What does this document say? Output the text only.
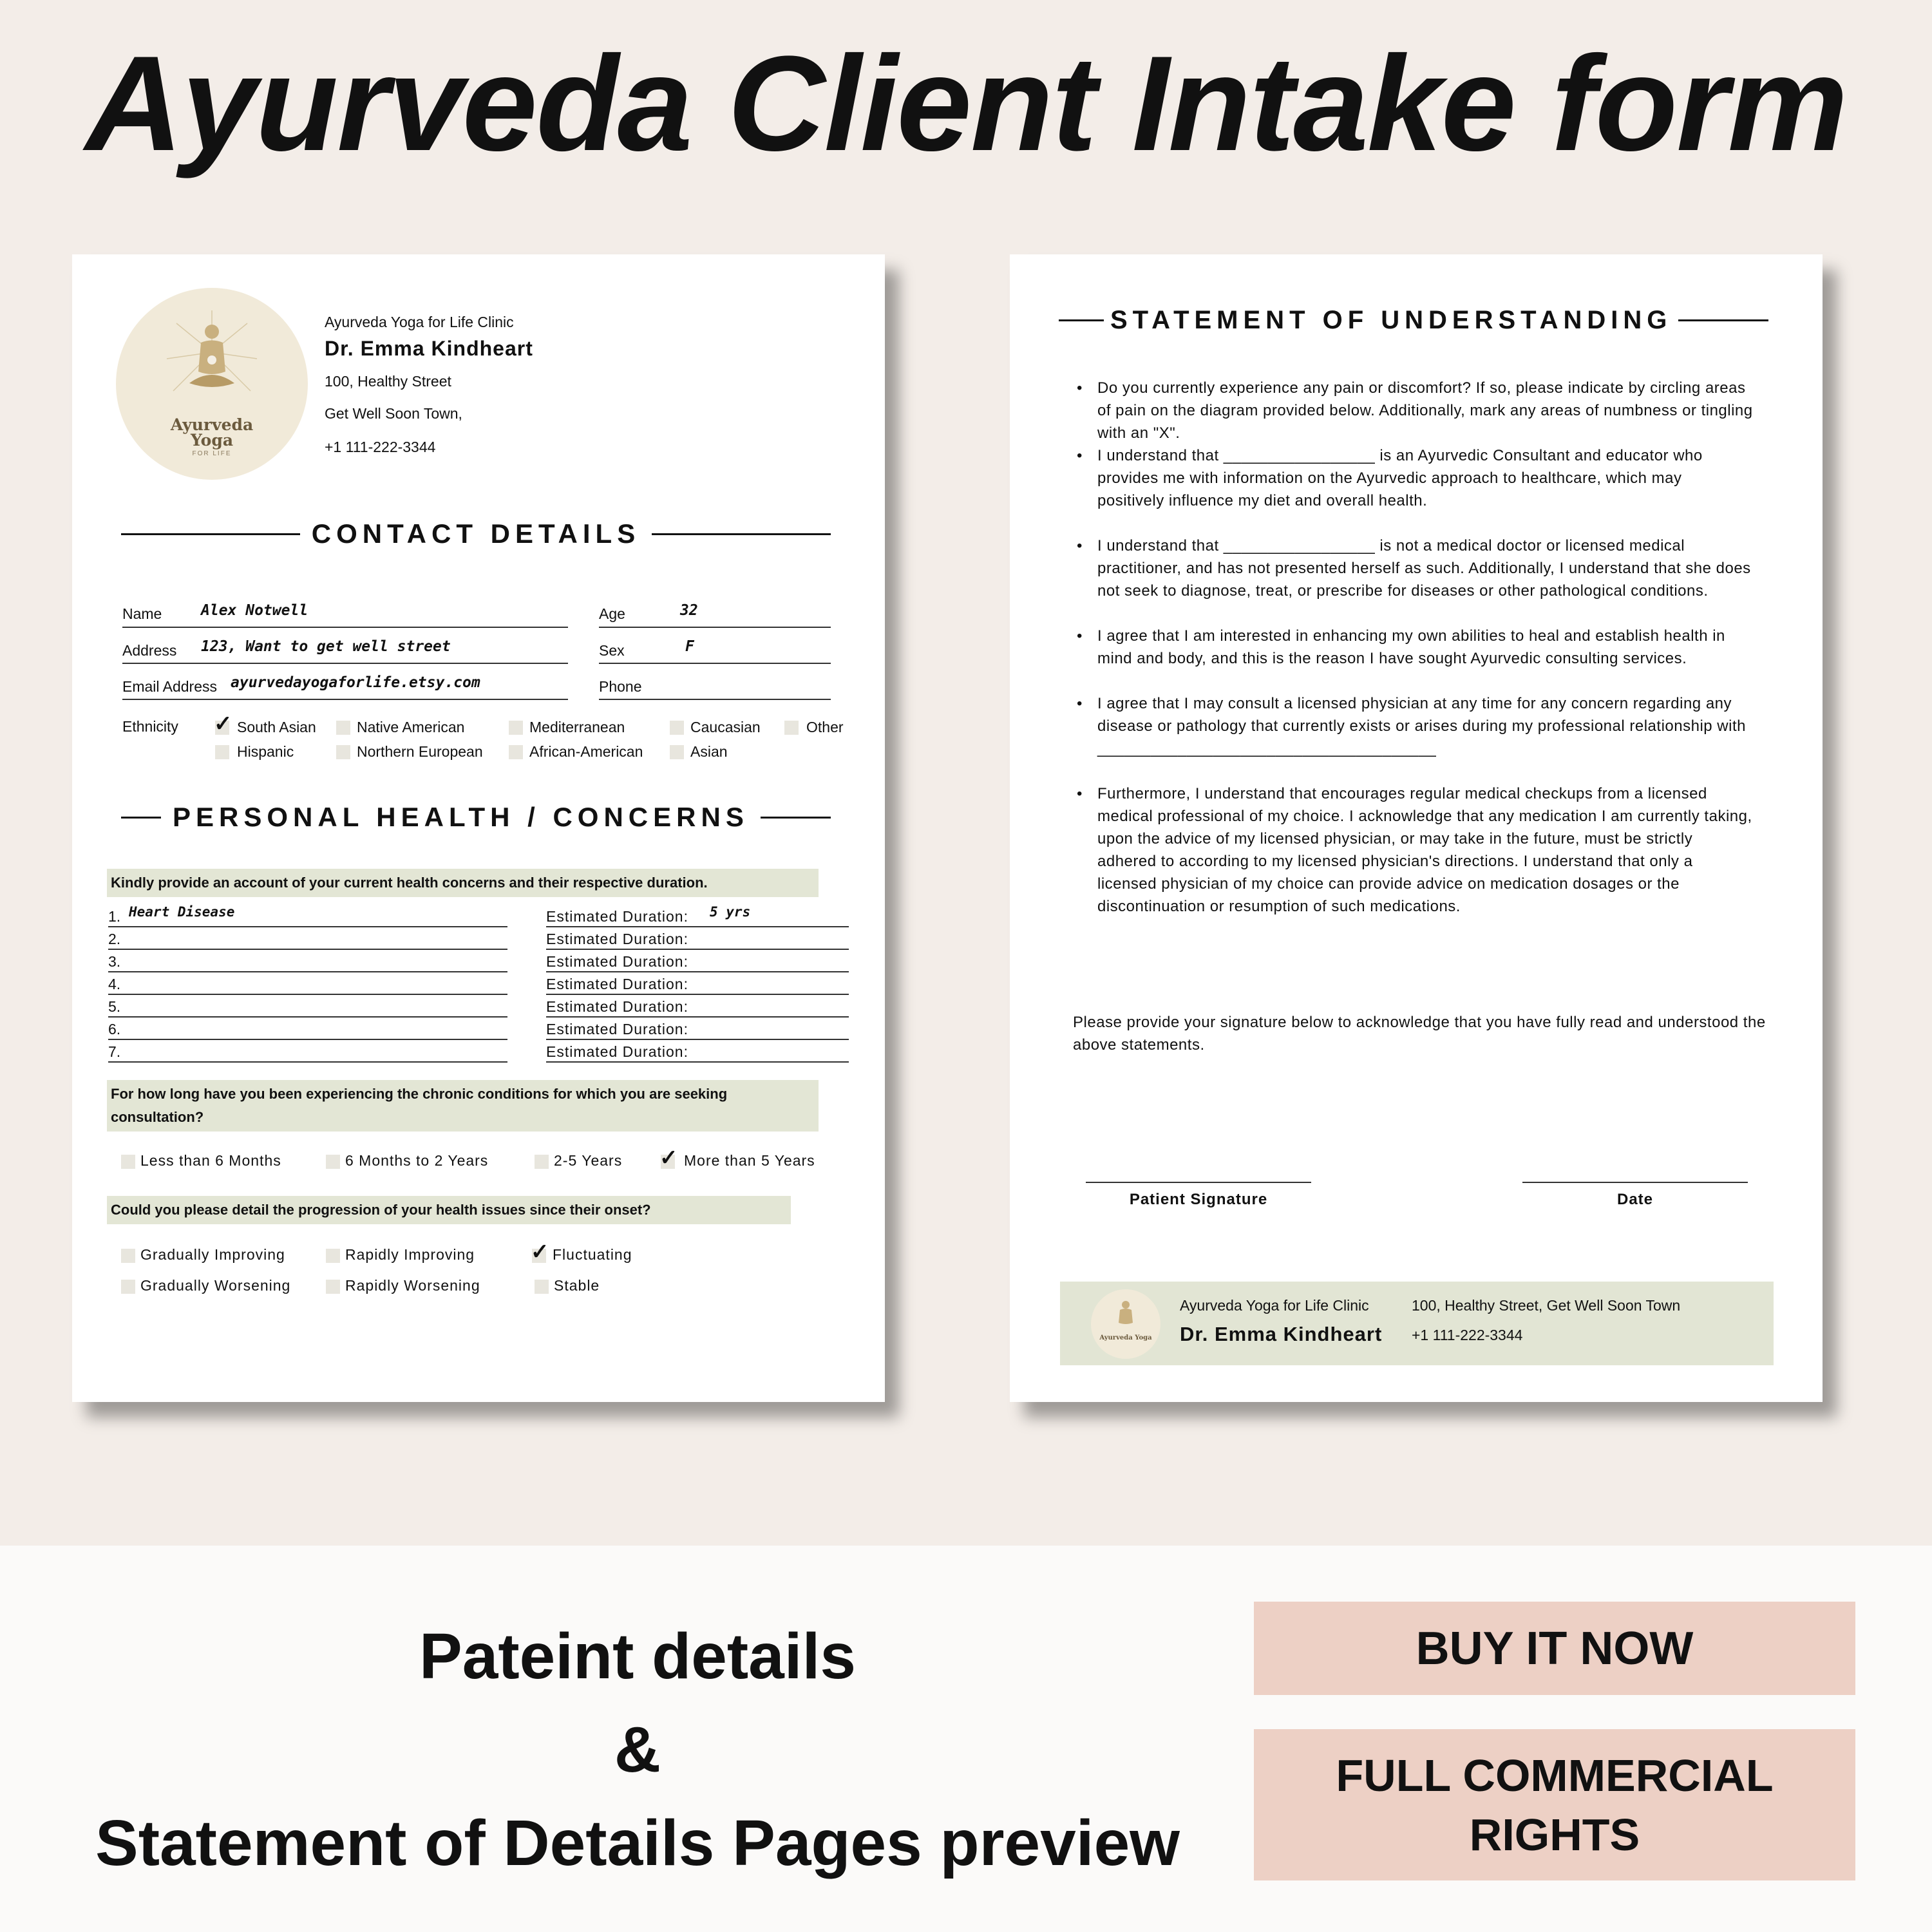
Ayurveda Client Intake form
Ayurveda
Yoga
FOR LIFE
Ayurveda Yoga for Life Clinic
Dr. Emma Kindheart
100, Healthy Street
Get Well Soon Town,
+1 111-222-3344
CONTACT DETAILS
Name	Alex Notwell
Address 123, Want to get well street
Email Address ayurvedayogaforlife.etsy.com
Age	32
Sex	F
Phone
Ethnicity ✓ South Asian	Native American	Mediterranean	Caucasian	Other
Hispanic	Northern European	African-American	Asian
PERSONAL HEALTH / CONCERNS
Kindly provide an account of your current health concerns and their respective duration.
1. Heart Disease	Estimated Duration: 5 yrs
2.	Estimated Duration:
3.	Estimated Duration:
4.	Estimated Duration:
5.	Estimated Duration:
6.	Estimated Duration:
7.	Estimated Duration:
For how long have you been experiencing the chronic conditions for which you are seeking consultation?
Less than 6 Months	6 Months to 2 Years	2-5 Years ✓ More than 5 Years
Could you please detail the progression of your health issues since their onset?
Gradually Improving	Rapidly Improving	✓ Fluctuating
Gradually Worsening	Rapidly Worsening	Stable
STATEMENT OF UNDERSTANDING
• Do you currently experience any pain or discomfort? If so, please indicate by circling areas of pain on the diagram provided below. Additionally, mark any areas of numbness or tingling with an "X".
• I understand that _________________ is an Ayurvedic Consultant and educator who provides me with information on the Ayurvedic approach to healthcare, which may positively influence my diet and overall health.
• I understand that _________________ is not a medical doctor or licensed medical practitioner, and has not presented herself as such. Additionally, I understand that she does not seek to diagnose, treat, or prescribe for diseases or other pathological conditions.
• I agree that I am interested in enhancing my own abilities to heal and establish health in mind and body, and this is the reason I have sought Ayurvedic consulting services.
• I agree that I may consult a licensed physician at any time for any concern regarding any disease or pathology that currently exists or arises during my professional relationship with ______________________________________
• Furthermore, I understand that encourages regular medical checkups from a licensed medical professional of my choice. I acknowledge that any medication I am currently taking, upon the advice of my licensed physician, or may take in the future, must be strictly adhered to according to my licensed physician's directions. I understand that only a licensed physician of my choice can provide advice on medication dosages or the discontinuation or resumption of such medications.
Please provide your signature below to acknowledge that you have fully read and understood the above statements.
Patient Signature	Date
Ayurveda Yoga
Ayurveda Yoga for Life Clinic
Dr. Emma Kindheart
100, Healthy Street, Get Well Soon Town
+1 111-222-3344
Pateint details
&
Statement of Details Pages preview
BUY IT NOW
FULL COMMERCIAL
RIGHTS
